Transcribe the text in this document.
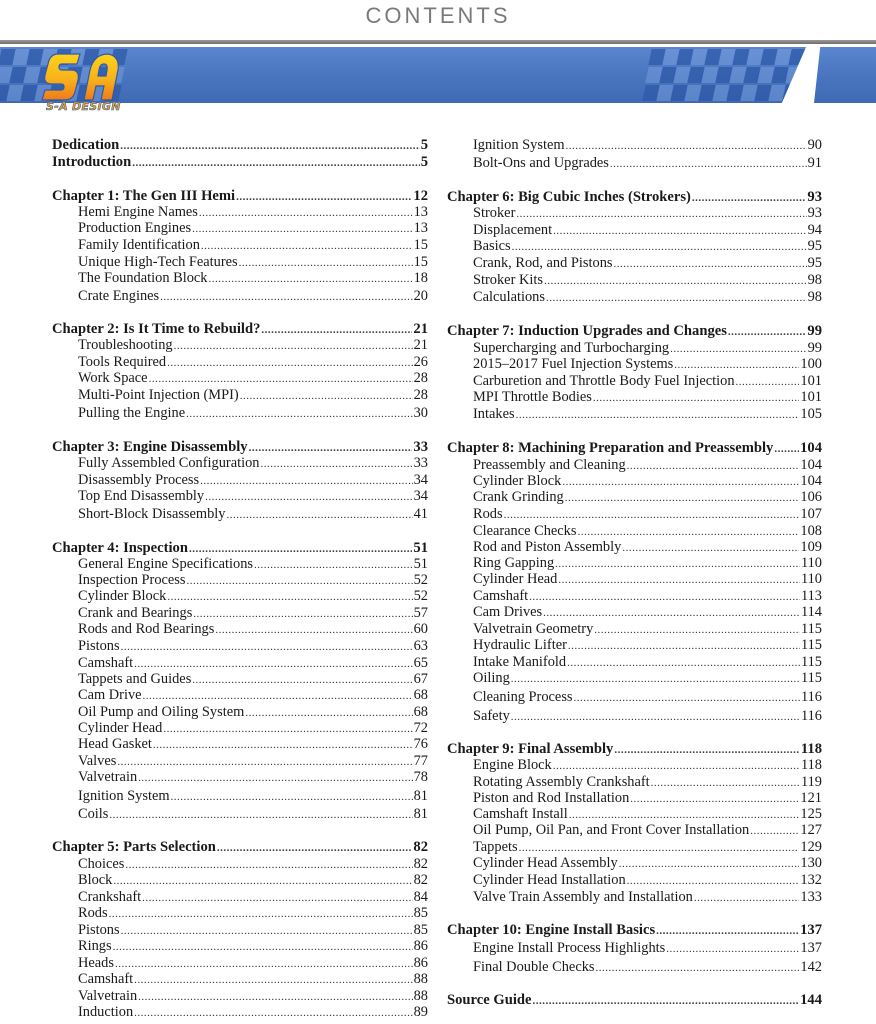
CONTENTS
S-A DESIGN
Dedication .....	5
Introduction .....	5
Chapter 1: The Gen III Hemi .....	12
Hemi Engine Names .....	13
Production Engines .....	13
Family Identification .....	15
Unique High-Tech Features .....	15
The Foundation Block .....	18
Crate Engines .....	20
Chapter 2: Is It Time to Rebuild? .....	21
Troubleshooting .....	21
Tools Required .....	26
Work Space .....	28
Multi-Point Injection (MPI) .....	28
Pulling the Engine .....	30
Chapter 3: Engine Disassembly .....	33
Fully Assembled Configuration .....	33
Disassembly Process .....	34
Top End Disassembly .....	34
Short-Block Disassembly .....	41
Chapter 4: Inspection .....	51
General Engine Specifications .....	51
Inspection Process .....	52
Cylinder Block .....	52
Crank and Bearings .....	57
Rods and Rod Bearings .....	60
Pistons .....	63
Camshaft .....	65
Tappets and Guides .....	67
Cam Drive .....	68
Oil Pump and Oiling System .....	68
Cylinder Head .....	72
Head Gasket .....	76
Valves .....	77
Valvetrain .....	78
Ignition System .....	81
Coils .....	81
Chapter 5: Parts Selection .....	82
Choices .....	82
Block .....	82
Crankshaft .....	84
Rods .....	85
Pistons .....	85
Rings .....	86
Heads .....	86
Camshaft .....	88
Valvetrain .....	88
Induction .....	89
Ignition System .....	90
Bolt-Ons and Upgrades .....	91
Chapter 6: Big Cubic Inches (Strokers) .....	93
Stroker .....	93
Displacement .....	94
Basics .....	95
Crank, Rod, and Pistons .....	95
Stroker Kits .....	98
Calculations .....	98
Chapter 7: Induction Upgrades and Changes .....	99
Supercharging and Turbocharging .....	99
2015–2017 Fuel Injection Systems .....	100
Carburetion and Throttle Body Fuel Injection .....	101
MPI Throttle Bodies .....	101
Intakes .....	105
Chapter 8: Machining Preparation and Preassembly ..... 104
Preassembly and Cleaning .....	104
Cylinder Block .....	104
Crank Grinding .....	106
Rods .....	107
Clearance Checks .....	108
Rod and Piston Assembly .....	109
Ring Gapping .....	110
Cylinder Head .....	110
Camshaft .....	113
Cam Drives .....	114
Valvetrain Geometry .....	115
Hydraulic Lifter .....	115
Intake Manifold .....	115
Oiling .....	115
Cleaning Process .....	116
Safety .....	116
Chapter 9: Final Assembly .....	118
Engine Block .....	118
Rotating Assembly Crankshaft .....	119
Piston and Rod Installation .....	121
Camshaft Install .....	125
Oil Pump, Oil Pan, and Front Cover Installation .....	127
Tappets .....	129
Cylinder Head Assembly .....	130
Cylinder Head Installation .....	132
Valve Train Assembly and Installation .....	133
Chapter 10: Engine Install Basics .....	137
Engine Install Process Highlights .....	137
Final Double Checks .....	142
Source Guide .....	144
